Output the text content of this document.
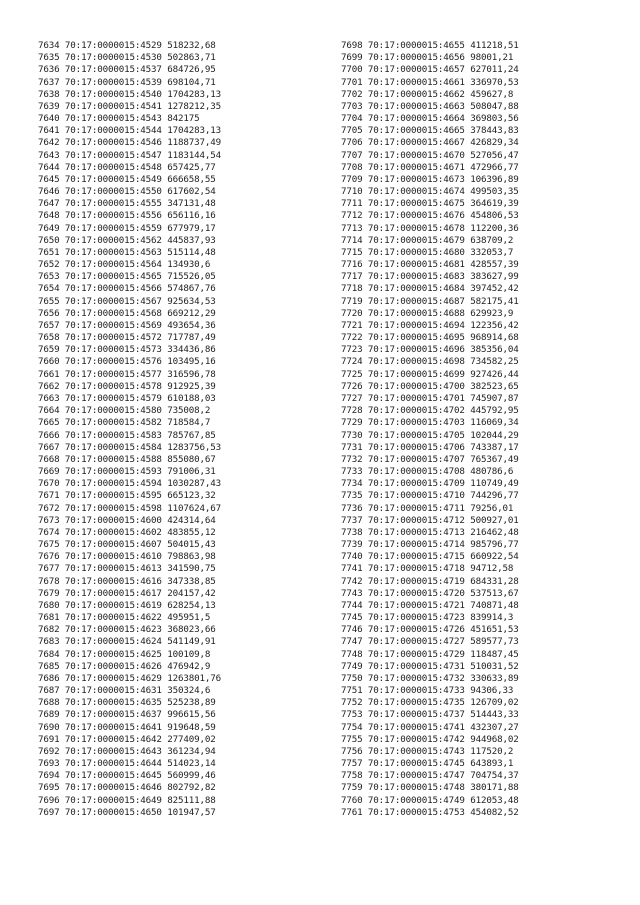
7634 70:17:0000015:4529 518232,68
7635 70:17:0000015:4530 502863,71
7636 70:17:0000015:4537 684726,95
7637 70:17:0000015:4539 698104,71
7638 70:17:0000015:4540 1704283,13
7639 70:17:0000015:4541 1278212,35
7640 70:17:0000015:4543 842175
7641 70:17:0000015:4544 1704283,13
7642 70:17:0000015:4546 1188737,49
7643 70:17:0000015:4547 1183144,54
7644 70:17:0000015:4548 657425,77
7645 70:17:0000015:4549 666658,55
7646 70:17:0000015:4550 617602,54
7647 70:17:0000015:4555 347131,48
7648 70:17:0000015:4556 656116,16
7649 70:17:0000015:4559 677979,17
7650 70:17:0000015:4562 445837,93
7651 70:17:0000015:4563 515114,48
7652 70:17:0000015:4564 134930,6
7653 70:17:0000015:4565 715526,05
7654 70:17:0000015:4566 574867,76
7655 70:17:0000015:4567 925634,53
7656 70:17:0000015:4568 669212,29
7657 70:17:0000015:4569 493654,36
7658 70:17:0000015:4572 717787,49
7659 70:17:0000015:4573 334436,86
7660 70:17:0000015:4576 103495,16
7661 70:17:0000015:4577 316596,78
7662 70:17:0000015:4578 912925,39
7663 70:17:0000015:4579 610188,03
7664 70:17:0000015:4580 735008,2
7665 70:17:0000015:4582 718584,7
7666 70:17:0000015:4583 785767,85
7667 70:17:0000015:4584 1283756,53
7668 70:17:0000015:4588 855080,67
7669 70:17:0000015:4593 791006,31
7670 70:17:0000015:4594 1030287,43
7671 70:17:0000015:4595 665123,32
7672 70:17:0000015:4598 1107624,67
7673 70:17:0000015:4600 424314,64
7674 70:17:0000015:4602 483855,12
7675 70:17:0000015:4607 504015,43
7676 70:17:0000015:4610 798863,98
7677 70:17:0000015:4613 341590,75
7678 70:17:0000015:4616 347338,85
7679 70:17:0000015:4617 204157,42
7680 70:17:0000015:4619 628254,13
7681 70:17:0000015:4622 495951,5
7682 70:17:0000015:4623 368023,66
7683 70:17:0000015:4624 541149,91
7684 70:17:0000015:4625 100109,8
7685 70:17:0000015:4626 476942,9
7686 70:17:0000015:4629 1263801,76
7687 70:17:0000015:4631 350324,6
7688 70:17:0000015:4635 525238,89
7689 70:17:0000015:4637 996615,56
7690 70:17:0000015:4641 919648,59
7691 70:17:0000015:4642 277409,02
7692 70:17:0000015:4643 361234,94
7693 70:17:0000015:4644 514023,14
7694 70:17:0000015:4645 560999,46
7695 70:17:0000015:4646 802792,82
7696 70:17:0000015:4649 825111,88
7697 70:17:0000015:4650 101947,57
7698 70:17:0000015:4655 411218,51
7699 70:17:0000015:4656 98001,21
7700 70:17:0000015:4657 627011,24
7701 70:17:0000015:4661 336970,53
7702 70:17:0000015:4662 459627,8
7703 70:17:0000015:4663 508047,88
7704 70:17:0000015:4664 369803,56
7705 70:17:0000015:4665 378443,83
7706 70:17:0000015:4667 426829,34
7707 70:17:0000015:4670 527056,47
7708 70:17:0000015:4671 472966,77
7709 70:17:0000015:4673 106396,89
7710 70:17:0000015:4674 499503,35
7711 70:17:0000015:4675 364619,39
7712 70:17:0000015:4676 454806,53
7713 70:17:0000015:4678 112200,36
7714 70:17:0000015:4679 638709,2
7715 70:17:0000015:4680 332053,7
7716 70:17:0000015:4681 428557,39
7717 70:17:0000015:4683 383627,99
7718 70:17:0000015:4684 397452,42
7719 70:17:0000015:4687 582175,41
7720 70:17:0000015:4688 629923,9
7721 70:17:0000015:4694 122356,42
7722 70:17:0000015:4695 968914,68
7723 70:17:0000015:4696 385356,04
7724 70:17:0000015:4698 734582,25
7725 70:17:0000015:4699 927426,44
7726 70:17:0000015:4700 382523,65
7727 70:17:0000015:4701 745907,87
7728 70:17:0000015:4702 445792,95
7729 70:17:0000015:4703 116069,34
7730 70:17:0000015:4705 102044,29
7731 70:17:0000015:4706 743387,17
7732 70:17:0000015:4707 765367,49
7733 70:17:0000015:4708 480786,6
7734 70:17:0000015:4709 110749,49
7735 70:17:0000015:4710 744296,77
7736 70:17:0000015:4711 79256,01
7737 70:17:0000015:4712 500927,01
7738 70:17:0000015:4713 216462,48
7739 70:17:0000015:4714 985796,77
7740 70:17:0000015:4715 660922,54
7741 70:17:0000015:4718 94712,58
7742 70:17:0000015:4719 684331,28
7743 70:17:0000015:4720 537513,67
7744 70:17:0000015:4721 740871,48
7745 70:17:0000015:4723 839914,3
7746 70:17:0000015:4726 451651,53
7747 70:17:0000015:4727 589577,73
7748 70:17:0000015:4729 118487,45
7749 70:17:0000015:4731 510031,52
7750 70:17:0000015:4732 330633,89
7751 70:17:0000015:4733 94306,33
7752 70:17:0000015:4735 126709,02
7753 70:17:0000015:4737 514443,33
7754 70:17:0000015:4741 432307,27
7755 70:17:0000015:4742 944968,02
7756 70:17:0000015:4743 117520,2
7757 70:17:0000015:4745 643893,1
7758 70:17:0000015:4747 704754,37
7759 70:17:0000015:4748 380171,88
7760 70:17:0000015:4749 612053,48
7761 70:17:0000015:4753 454082,52
